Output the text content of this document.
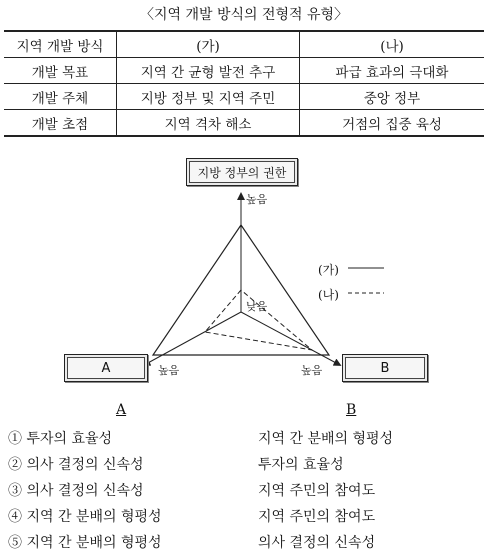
〈지역 개발 방식의 전형적 유형〉
지역 개발 방식	(가)	(나)
개발 목표	지역 간 균형 발전 추구	파급 효과의 극대화
개발 주체	지방 정부 및 지역 주민	중앙 정부
개발 초점	지역 격차 해소	거점의 집중 육성
지방 정부의 권한
A	B
높음
낮음
높음	높음
(가)
(나)
A	B
① 투자의 효율성	지역 간 분배의 형평성
② 의사 결정의 신속성	투자의 효율성
③ 의사 결정의 신속성	지역 주민의 참여도
④ 지역 간 분배의 형평성	지역 주민의 참여도
⑤ 지역 간 분배의 형평성	의사 결정의 신속성
